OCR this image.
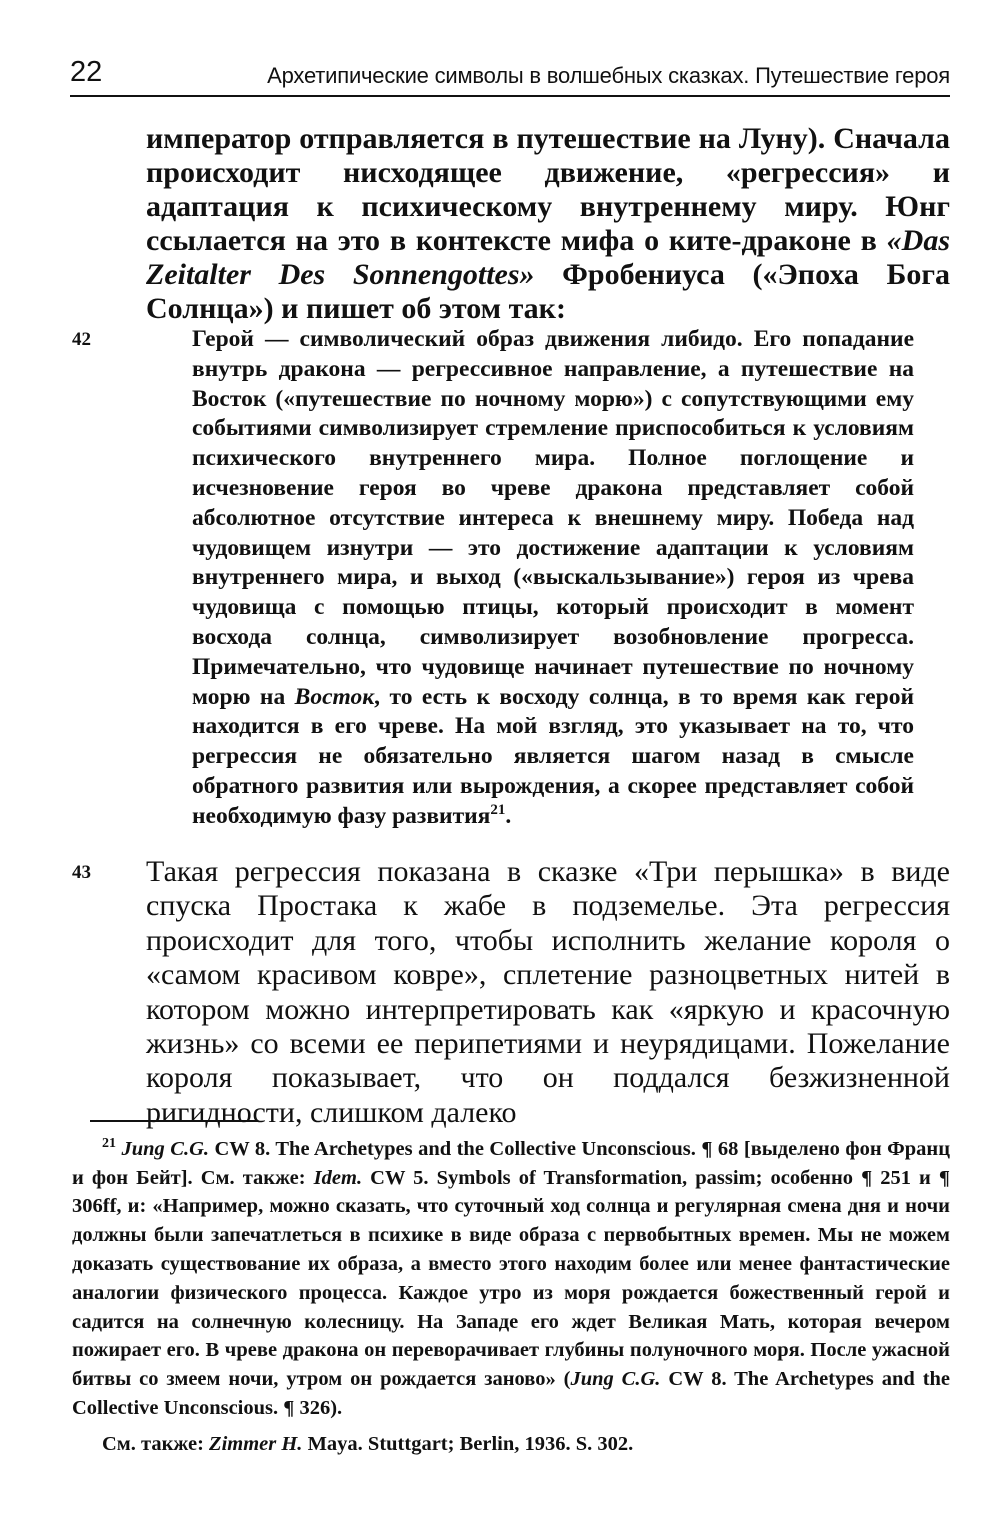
22	Архетипические символы в волшебных сказках. Путешествие героя
император отправляется в путешествие на Луну). Сначала происходит нисходящее движение, «регрессия» и адаптация к психическому внутреннему миру. Юнг ссылается на это в контексте мифа о ките-драконе в «Das Zeitalter Des Sonnengottes» Фробениуса («Эпоха Бога Солнца») и пишет об этом так:
42	Герой — символический образ движения либидо. Его попадание внутрь дракона — регрессивное направление, а путешествие на Восток («путешествие по ночному морю») с сопутствующими ему событиями символизирует стремление приспособиться к условиям психического внутреннего мира. Полное поглощение и исчезновение героя во чреве дракона представляет собой абсолютное отсутствие интереса к внешнему миру. Победа над чудовищем изнутри — это достижение адаптации к условиям внутреннего мира, и выход («выскальзывание») героя из чрева чудовища с помощью птицы, который происходит в момент восхода солнца, символизирует возобновление прогресса. Примечательно, что чудовище начинает путешествие по ночному морю на Восток, то есть к восходу солнца, в то время как герой находится в его чреве. На мой взгляд, это указывает на то, что регрессия не обязательно является шагом назад в смысле обратного развития или вырождения, а скорее представляет собой необходимую фазу развития$^{21}$.
43 Такая регрессия показана в сказке «Три перышка» в виде спуска Простака к жабе в подземелье. Эта регрессия происходит для того, чтобы исполнить желание короля о «самом красивом ковре», сплетение разноцветных нитей в котором можно интерпретировать как «яркую и красочную жизнь» со всеми ее перипетиями и неурядицами. Пожелание короля показывает, что он поддался безжизненной ригидности, слишком далеко
$^{21}$ Jung C.G. CW 8. The Archetypes and the Collective Unconscious. ¶ 68 [выделено фон Франц и фон Бейт]. См. также: Idem. CW 5. Symbols of Transformation, passim; особенно ¶ 251 и ¶ 306ff, и: «Например, можно сказать, что суточный ход солнца и регулярная смена дня и ночи должны были запечатлеться в психике в виде образа с первобытных времен. Мы не можем доказать существование их образа, а вместо этого находим более или менее фантастические аналогии физического процесса. Каждое утро из моря рождается божественный герой и садится на солнечную колесницу. На Западе его ждет Великая Мать, которая вечером пожирает его. В чреве дракона он переворачивает глубины полуночного моря. После ужасной битвы со змеем ночи, утром он рождается заново» (Jung C.G. CW 8. The Archetypes and the Collective Unconscious. ¶ 326).
См. также: Zimmer H. Maya. Stuttgart; Berlin, 1936. S. 302.
